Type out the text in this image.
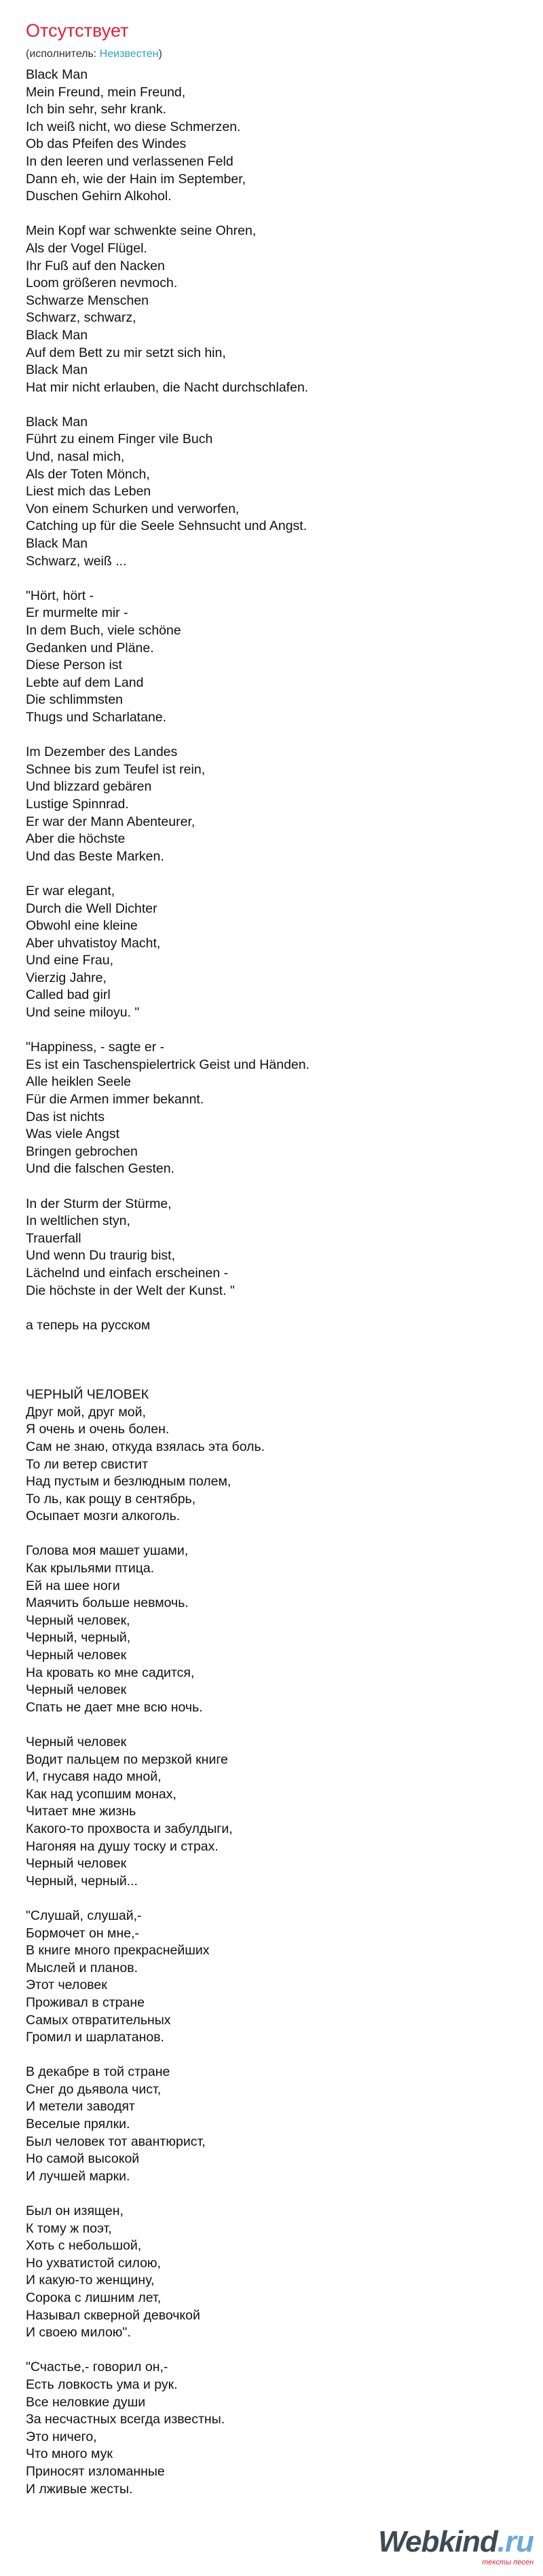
Отсутствует
(исполнитель: Неизвестен)
Black Man
Mein Freund, mein Freund,
Ich bin sehr, sehr krank.
Ich weiß nicht, wo diese Schmerzen.
Ob das Pfeifen des Windes
In den leeren und verlassenen Feld
Dann eh, wie der Hain im September,
Duschen Gehirn Alkohol.

Mein Kopf war schwenkte seine Ohren,
Als der Vogel Flügel.
Ihr Fuß auf den Nacken
Loom größeren nevmoch.
Schwarze Menschen
Schwarz, schwarz,
Black Man
Auf dem Bett zu mir setzt sich hin,
Black Man
Hat mir nicht erlauben, die Nacht durchschlafen.

Black Man
Führt zu einem Finger vile Buch
Und, nasal mich,
Als der Toten Mönch,
Liest mich das Leben
Von einem Schurken und verworfen,
Catching up für die Seele Sehnsucht und Angst.
Black Man
Schwarz, weiß ...

"Hört, hört -
Er murmelte mir -
In dem Buch, viele schöne
Gedanken und Pläne.
Diese Person ist
Lebte auf dem Land
Die schlimmsten
Thugs und Scharlatane.

Im Dezember des Landes
Schnee bis zum Teufel ist rein,
Und blizzard gebären
Lustige Spinnrad.
Er war der Mann Abenteurer,
Aber die höchste
Und das Beste Marken.

Er war elegant,
Durch die Well Dichter
Obwohl eine kleine
Aber uhvatistoy Macht,
Und eine Frau,
Vierzig Jahre,
Called bad girl
Und seine miloyu. "

"Happiness, - sagte er -
Es ist ein Taschenspielertrick Geist und Händen.
Alle heiklen Seele
Für die Armen immer bekannt.
Das ist nichts
Was viele Angst
Bringen gebrochen
Und die falschen Gesten.

In der Sturm der Stürme,
In weltlichen styn,
Trauerfall
Und wenn Du traurig bist,
Lächelnd und einfach erscheinen -
Die höchste in der Welt der Kunst. "

а теперь на русском

ЧЕРНЫЙ ЧЕЛОВЕК
Друг мой, друг мой,
Я очень и очень болен.
Сам не знаю, откуда взялась эта боль.
То ли ветер свистит
Над пустым и безлюдным полем,
То ль, как рощу в сентябрь,
Осыпает мозги алкоголь.

Голова моя машет ушами,
Как крыльями птица.
Ей на шее ноги
Маячить больше невмочь.
Черный человек,
Черный, черный,
Черный человек
На кровать ко мне садится,
Черный человек
Спать не дает мне всю ночь.

Черный человек
Водит пальцем по мерзкой книге
И, гнусавя надо мной,
Как над усопшим монах,
Читает мне жизнь
Какого-то прохвоста и забулдыги,
Нагоняя на душу тоску и страх.
Черный человек
Черный, черный...

"Слушай, слушай,-
Бормочет он мне,-
В книге много прекраснейших
Мыслей и планов.
Этот человек
Проживал в стране
Самых отвратительных
Громил и шарлатанов.

В декабре в той стране
Снег до дьявола чист,
И метели заводят
Веселые прялки.
Был человек тот авантюрист,
Но самой высокой
И лучшей марки.

Был он изящен,
К тому ж поэт,
Хоть с небольшой,
Но ухватистой силою,
И какую-то женщину,
Сорока с лишним лет,
Называл скверной девочкой
И своею милою".

"Счастье,- говорил он,-
Есть ловкость ума и рук.
Все неловкие души
За несчастных всегда известны.
Это ничего,
Что много мук
Приносят изломанные
И лживые жесты.
Webkind.ru
тексты песен
